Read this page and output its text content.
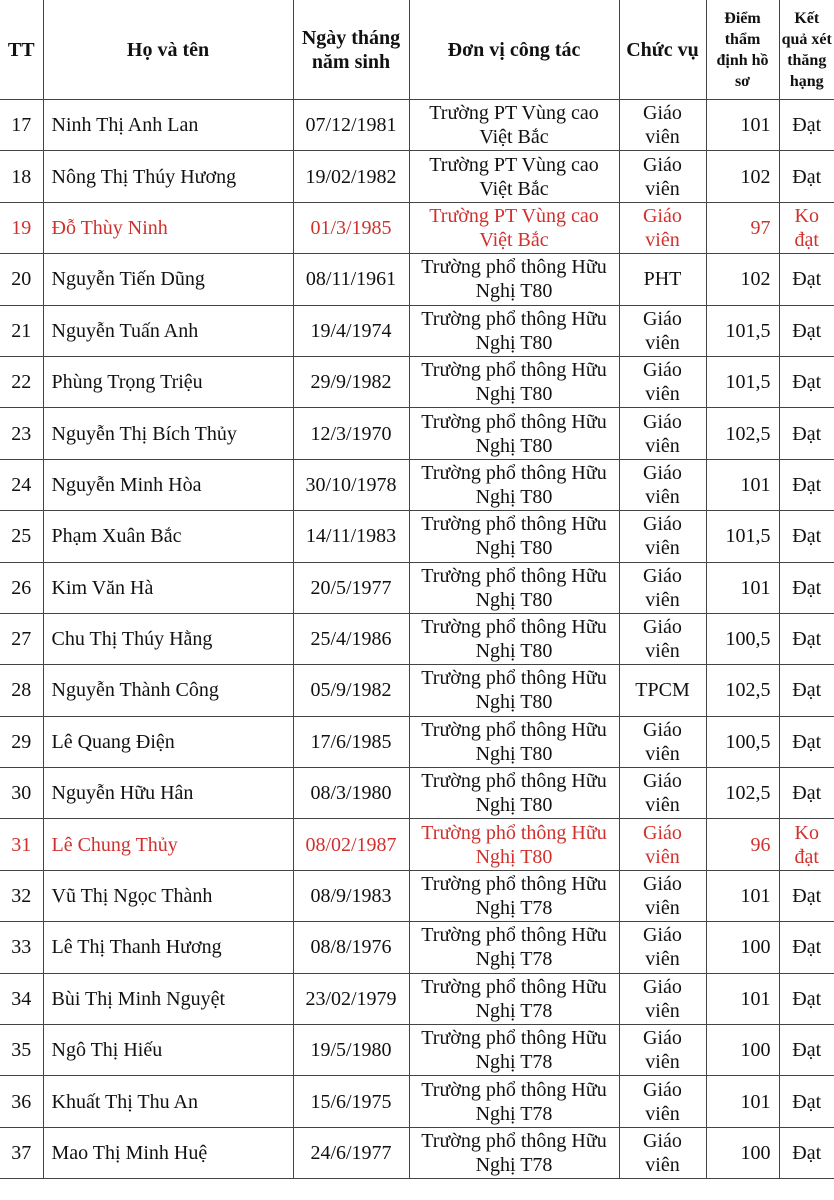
TT	Họ và tên	Ngày tháng năm sinh	Đơn vị công tác	Chức vụ	Điểm thẩm định hồ sơ	Kết quả xét thăng hạng
17	Ninh Thị Anh Lan	07/12/1981	Trường PT Vùng cao Việt Bắc	Giáo viên	101	Đạt
18	Nông Thị Thúy Hương	19/02/1982	Trường PT Vùng cao Việt Bắc	Giáo viên	102	Đạt
19	Đỗ Thùy Ninh	01/3/1985	Trường PT Vùng cao Việt Bắc	Giáo viên	97	Ko đạt
20	Nguyễn Tiến Dũng	08/11/1961	Trường phổ thông Hữu Nghị T80	PHT	102	Đạt
21	Nguyễn Tuấn Anh	19/4/1974	Trường phổ thông Hữu Nghị T80	Giáo viên	101,5	Đạt
22	Phùng Trọng Triệu	29/9/1982	Trường phổ thông Hữu Nghị T80	Giáo viên	101,5	Đạt
23	Nguyễn Thị Bích Thủy	12/3/1970	Trường phổ thông Hữu Nghị T80	Giáo viên	102,5	Đạt
24	Nguyễn Minh Hòa	30/10/1978	Trường phổ thông Hữu Nghị T80	Giáo viên	101	Đạt
25	Phạm Xuân Bắc	14/11/1983	Trường phổ thông Hữu Nghị T80	Giáo viên	101,5	Đạt
26	Kim Văn Hà	20/5/1977	Trường phổ thông Hữu Nghị T80	Giáo viên	101	Đạt
27	Chu Thị Thúy Hằng	25/4/1986	Trường phổ thông Hữu Nghị T80	Giáo viên	100,5	Đạt
28	Nguyễn Thành Công	05/9/1982	Trường phổ thông Hữu Nghị T80	TPCM	102,5	Đạt
29	Lê Quang Điện	17/6/1985	Trường phổ thông Hữu Nghị T80	Giáo viên	100,5	Đạt
30	Nguyễn Hữu Hân	08/3/1980	Trường phổ thông Hữu Nghị T80	Giáo viên	102,5	Đạt
31	Lê Chung Thủy	08/02/1987	Trường phổ thông Hữu Nghị T80	Giáo viên	96	Ko đạt
32	Vũ Thị Ngọc Thành	08/9/1983	Trường phổ thông Hữu Nghị T78	Giáo viên	101	Đạt
33	Lê Thị Thanh Hương	08/8/1976	Trường phổ thông Hữu Nghị T78	Giáo viên	100	Đạt
34	Bùi Thị Minh Nguyệt	23/02/1979	Trường phổ thông Hữu Nghị T78	Giáo viên	101	Đạt
35	Ngô Thị Hiếu	19/5/1980	Trường phổ thông Hữu Nghị T78	Giáo viên	100	Đạt
36	Khuất Thị Thu An	15/6/1975	Trường phổ thông Hữu Nghị T78	Giáo viên	101	Đạt
37	Mao Thị Minh Huệ	24/6/1977	Trường phổ thông Hữu Nghị T78	Giáo viên	100	Đạt
